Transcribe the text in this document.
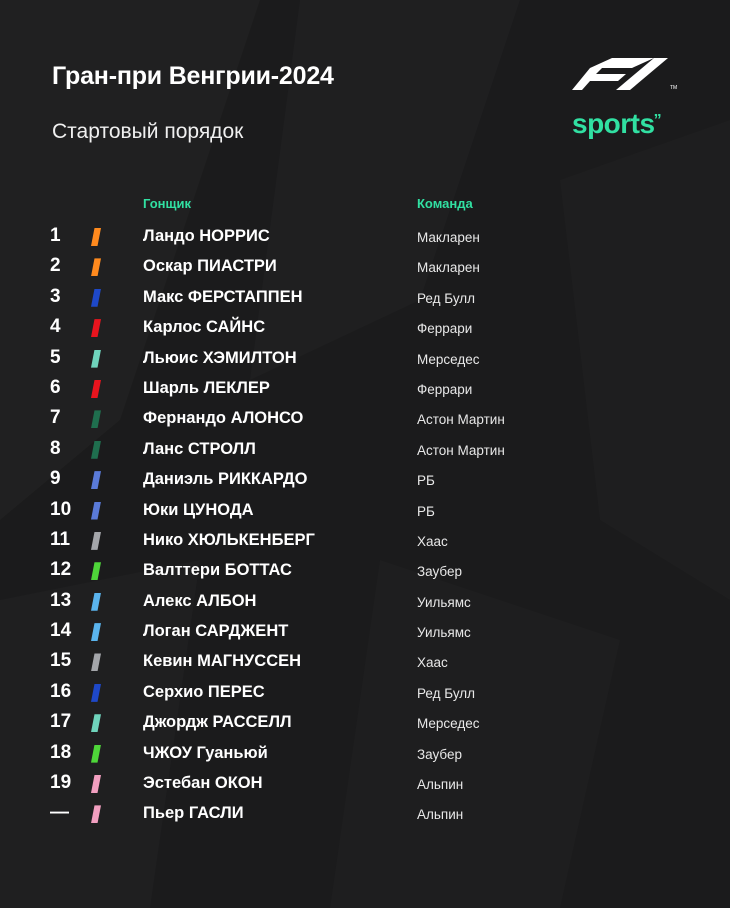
Гран-при Венгрии-2024
Стартовый порядок
TM
sports”
Гонщик	Команда
1	Ландо НОРРИС	Макларен
2	Оскар ПИАСТРИ	Макларен
3	Макс ФЕРСТАППЕН	Ред Булл
4	Карлос САЙНС	Феррари
5	Льюис ХЭМИЛТОН	Мерседес
6	Шарль ЛЕКЛЕР	Феррари
7	Фернандо АЛОНСО	Астон Мартин
8	Ланс СТРОЛЛ	Астон Мартин
9	Даниэль РИККАРДО	РБ
10	Юки ЦУНОДА	РБ
11	Нико ХЮЛЬКЕНБЕРГ	Хаас
12	Валттери БОТТАС	Заубер
13	Алекс АЛБОН	Уильямс
14	Логан САРДЖЕНТ	Уильямс
15	Кевин МАГНУССЕН	Хаас
16	Серхио ПЕРЕС	Ред Булл
17	Джордж РАССЕЛЛ	Мерседес
18	ЧЖОУ Гуаньюй	Заубер
19	Эстебан ОКОН	Альпин
—	Пьер ГАСЛИ	Альпин
